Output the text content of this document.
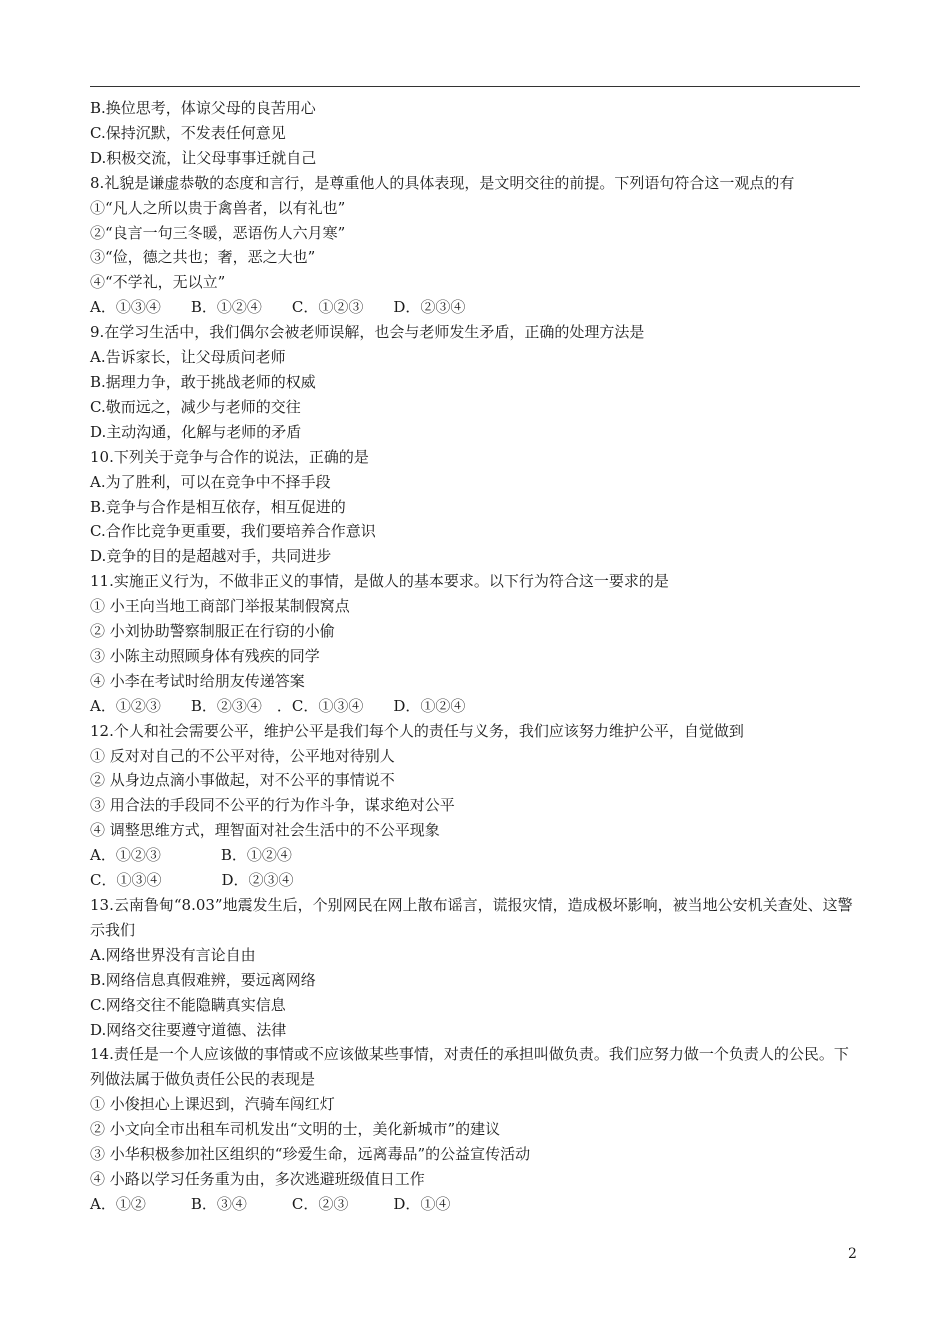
B.换位思考，体谅父母的良苦用心
C.保持沉默，不发表任何意见
D.积极交流，让父母事事迁就自己
8.礼貌是谦虚恭敬的态度和言行，是尊重他人的具体表现，是文明交往的前提。下列语句符合这一观点的有
①“凡人之所以贵于禽兽者，以有礼也”
②“良言一句三冬暖，恶语伤人六月寒”
③“俭，德之共也；奢，恶之大也”
④“不学礼，无以立”
A．①③④　　B．①②④　　C．①②③　　D．②③④
9.在学习生活中，我们偶尔会被老师误解，也会与老师发生矛盾，正确的处理方法是
A.告诉家长，让父母质问老师
B.据理力争，敢于挑战老师的权威
C.敬而远之，减少与老师的交往
D.主动沟通，化解与老师的矛盾
10.下列关于竞争与合作的说法，正确的是
A.为了胜利，可以在竞争中不择手段
B.竞争与合作是相互依存，相互促进的
C.合作比竞争更重要，我们要培养合作意识
D.竞争的目的是超越对手，共同进步
11.实施正义行为，不做非正义的事情，是做人的基本要求。以下行为符合这一要求的是
① 小王向当地工商部门举报某制假窝点
② 小刘协助警察制服正在行窃的小偷
③ 小陈主动照顾身体有残疾的同学
④ 小李在考试时给朋友传递答案
A．①②③　　B．②③④　．C．①③④　　D．①②④
12.个人和社会需要公平，维护公平是我们每个人的责任与义务，我们应该努力维护公平，自觉做到
① 反对对自己的不公平对待，公平地对待别人
② 从身边点滴小事做起，对不公平的事情说不
③ 用合法的手段同不公平的行为作斗争，谋求绝对公平
④ 调整思维方式，理智面对社会生活中的不公平现象
A．①②③　　　　B．①②④
C．①③④　　　　D．②③④
13.云南鲁甸“8.03”地震发生后，个别网民在网上散布谣言，谎报灾情，造成极坏影响，被当地公安机关查处、这警示我们
A.网络世界没有言论自由
B.网络信息真假难辨，要远离网络
C.网络交往不能隐瞒真实信息
D.网络交往要遵守道德、法律
14.责任是一个人应该做的事情或不应该做某些事情，对责任的承担叫做负责。我们应努力做一个负责人的公民。下列做法属于做负责任公民的表现是
① 小俊担心上课迟到，汽骑车闯红灯
② 小文向全市出租车司机发出“文明的士，美化新城市”的建议
③ 小华积极参加社区组织的“珍爱生命，远离毒品”的公益宣传活动
④ 小路以学习任务重为由，多次逃避班级值日工作
A．①②　　　B．③④　　　C．②③　　　D．①④
2
